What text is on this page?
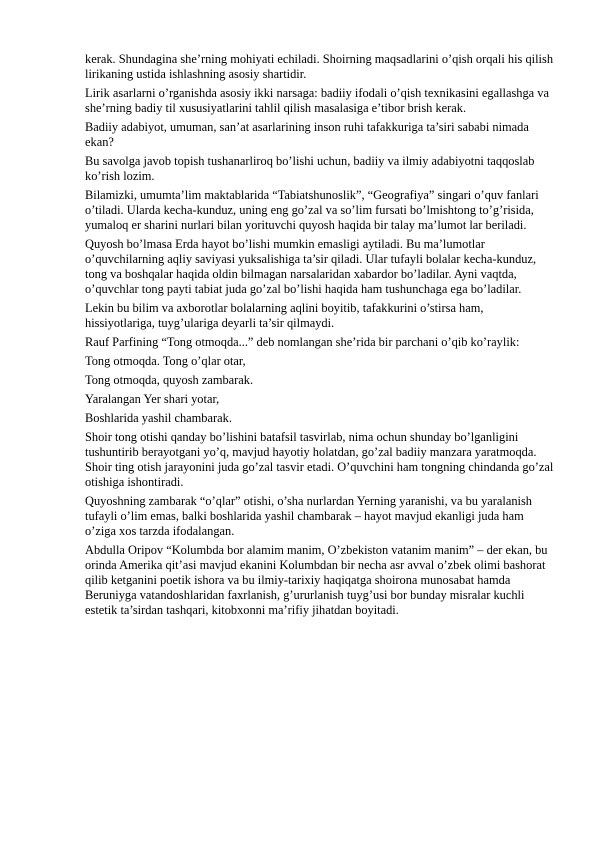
kerak. Shundagina she’rning mohiyati echiladi. Shoirning maqsadlarini o’qish orqali his qilish lirikaning ustida ishlashning asosiy shartidir.

Lirik asarlarni o’rganishda asosiy ikki narsaga: badiiy ifodali o’qish texnikasini egallashga va she’rning badiy til xususiyatlarini tahlil qilish masalasiga e’tibor brish kerak.

Badiiy adabiyot, umuman, san’at asarlarining inson ruhi tafakkuriga ta’siri sababi nimada ekan?

Bu savolga javob topish tushanarliroq bo’lishi uchun, badiiy va ilmiy adabiyotni taqqoslab ko’rish lozim.

Bilamizki, umumta’lim maktablarida “Tabiatshunoslik”, “Geografiya” singari o’quv fanlari o’tiladi. Ularda kecha-kunduz, uning eng go’zal va so’lim fursati bo’lmishtong to’g’risida, yumaloq er sharini nurlari bilan yorituvchi quyosh haqida bir talay ma’lumot lar beriladi.

Quyosh bo’lmasa Erda hayot bo’lishi mumkin emasligi aytiladi. Bu ma’lumotlar o’quvchilarning aqliy saviyasi yuksalishiga ta’sir qiladi. Ular tufayli bolalar kecha-kunduz, tong va boshqalar haqida oldin bilmagan narsalaridan xabardor bo’ladilar. Ayni vaqtda, o’quvchlar tong payti tabiat juda go’zal bo’lishi haqida ham tushunchaga ega bo’ladilar.

Lekin bu bilim va axborotlar bolalarning aqlini boyitib, tafakkurini o’stirsa ham, hissiyotlariga, tuyg’ulariga deyarli ta’sir qilmaydi.

Rauf Parfining “Tong otmoqda...” deb nomlangan she’rida bir parchani o’qib ko’raylik:

Tong otmoqda. Tong o’qlar otar,

Tong otmoqda, quyosh zambarak.

Yaralangan Yer shari yotar,

Boshlarida yashil chambarak.

Shoir tong otishi qanday bo’lishini batafsil tasvirlab, nima ochun shunday bo’lganligini tushuntirib berayotgani yo’q, mavjud hayotiy holatdan, go’zal badiiy manzara yaratmoqda. Shoir ting otish jarayonini juda go’zal tasvir etadi. O’quvchini ham tongning chindanda go’zal otishiga ishontiradi.

Quyoshning zambarak “o’qlar” otishi, o’sha nurlardan Yerning yaranishi, va bu yaralanish tufayli o’lim emas, balki boshlarida yashil chambarak – hayot mavjud ekanligi juda ham o’ziga xos tarzda ifodalangan.

Abdulla Oripov “Kolumbda bor alamim manim, O’zbekiston vatanim manim” – der ekan, bu orinda Amerika qit’asi mavjud ekanini Kolumbdan bir necha asr avval o’zbek olimi bashorat qilib ketganini poetik ishora va bu ilmiy-tarixiy haqiqatga shoirona munosabat hamda Beruniyga vatandoshlaridan faxrlanish, g’ururlanish tuyg’usi bor bunday misralar kuchli estetik ta’sirdan tashqari, kitobxonni ma’rifiy jihatdan boyitadi.
